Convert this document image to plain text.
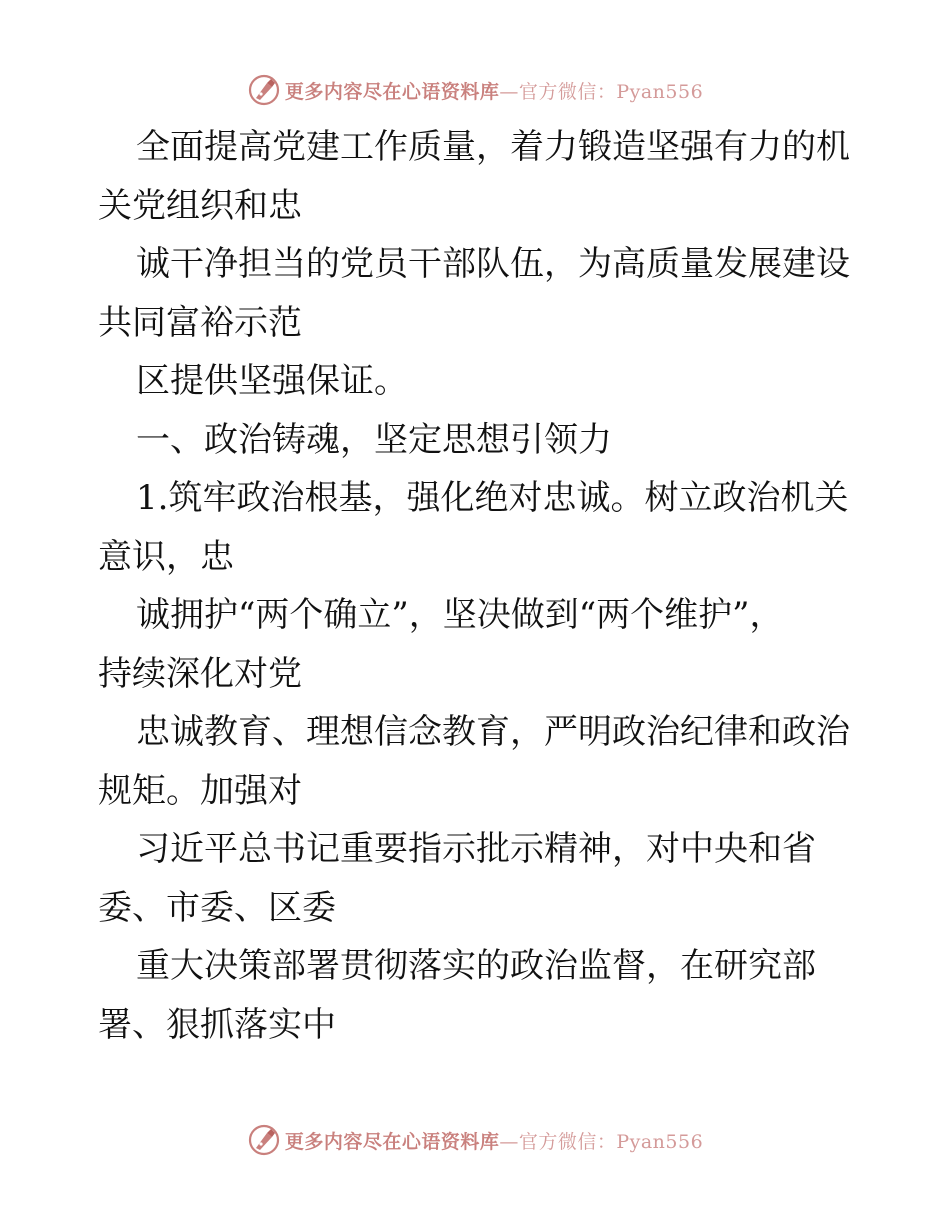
更多内容尽在心语资料库—官方微信：Pyan556
全面提高党建工作质量，着力锻造坚强有力的机
关党组织和忠
诚干净担当的党员干部队伍，为高质量发展建设
共同富裕示范
区提供坚强保证。
一、政治铸魂，坚定思想引领力
1.筑牢政治根基，强化绝对忠诚。树立政治机关
意识，忠
诚拥护“两个确立”，坚决做到“两个维护”，
持续深化对党
忠诚教育、理想信念教育，严明政治纪律和政治
规矩。加强对
习近平总书记重要指示批示精神，对中央和省
委、市委、区委
重大决策部署贯彻落实的政治监督，在研究部
署、狠抓落实中
更多内容尽在心语资料库—官方微信：Pyan556
